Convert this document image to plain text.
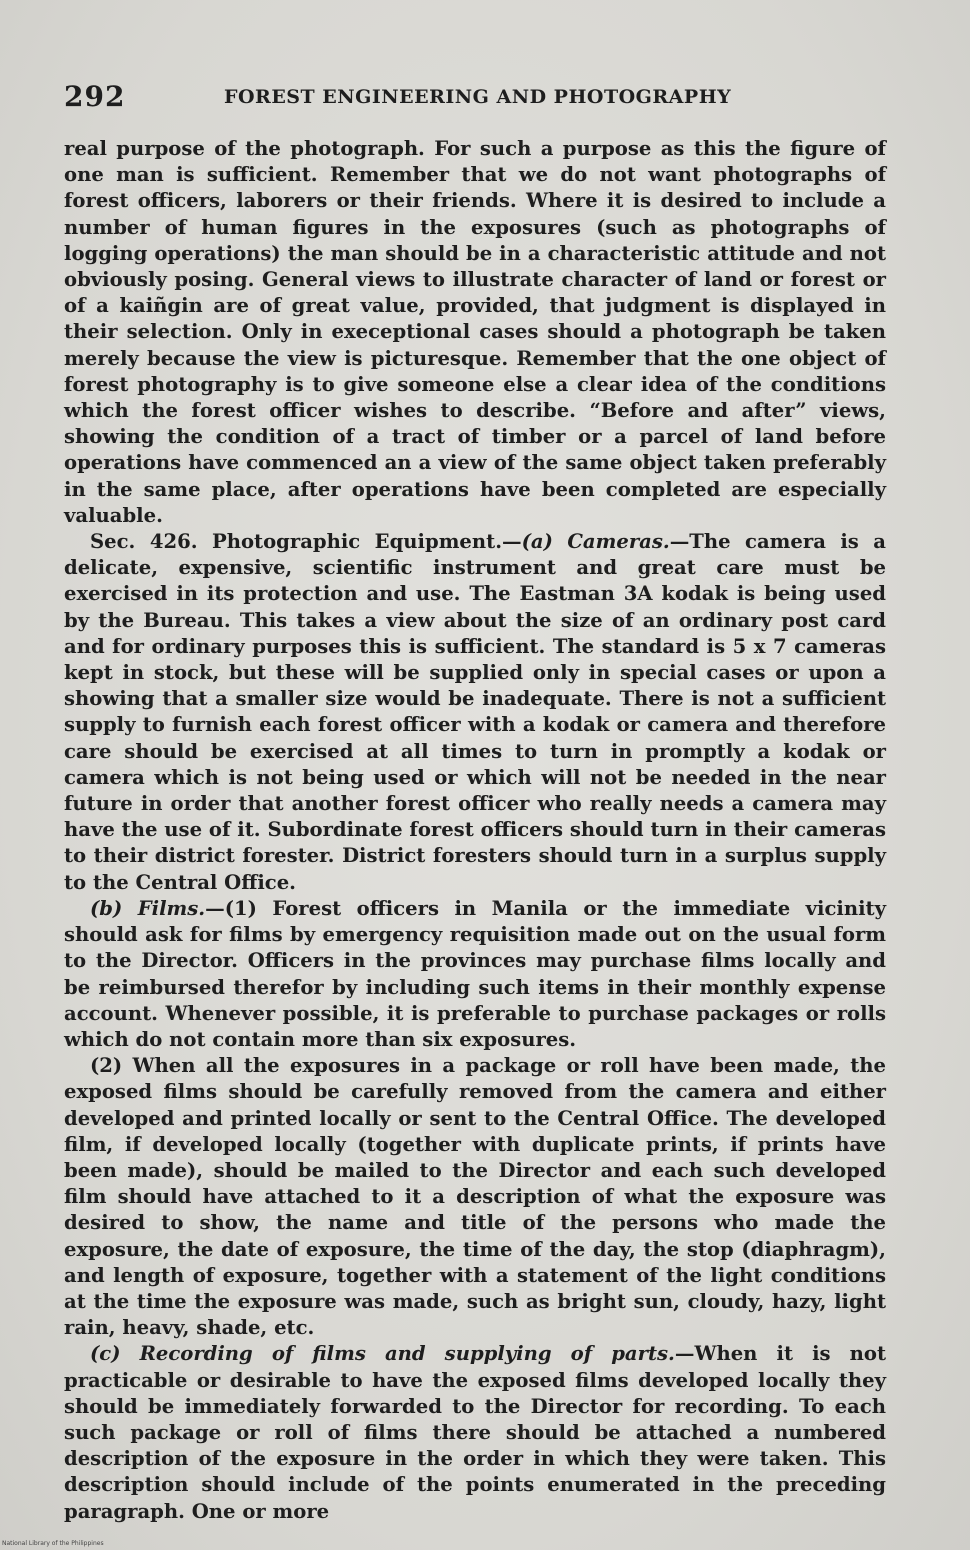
292	FOREST ENGINEERING AND PHOTOGRAPHY

real purpose of the photograph. For such a purpose as this the figure of one man is sufficient. Remember that we do not want photographs of forest officers, laborers or their friends. Where it is desired to include a number of human figures in the exposures (such as photographs of logging operations) the man should be in a characteristic attitude and not obviously posing. General views to illustrate character of land or forest or of a kaiñgin are of great value, provided, that judgment is displayed in their selection. Only in execeptional cases should a photograph be taken merely because the view is picturesque. Remember that the one object of forest photography is to give someone else a clear idea of the conditions which the forest officer wishes to describe. “Before and after” views, showing the condition of a tract of timber or a parcel of land before operations have commenced an a view of the same object taken preferably in the same place, after operations have been completed are especially valuable.

Sec. 426. Photographic Equipment.—(a) Cameras.—The camera is a delicate, expensive, scientific instrument and great care must be exercised in its protection and use. The Eastman 3A kodak is being used by the Bureau. This takes a view about the size of an ordinary post card and for ordinary purposes this is sufficient. The standard is 5 x 7 cameras kept in stock, but these will be supplied only in special cases or upon a showing that a smaller size would be inadequate. There is not a sufficient supply to furnish each forest officer with a kodak or camera and therefore care should be exercised at all times to turn in promptly a kodak or camera which is not being used or which will not be needed in the near future in order that another forest officer who really needs a camera may have the use of it. Subordinate forest officers should turn in their cameras to their district forester. District foresters should turn in a surplus supply to the Central Office.

(b) Films.—(1) Forest officers in Manila or the immediate vicinity should ask for films by emergency requisition made out on the usual form to the Director. Officers in the provinces may purchase films locally and be reimbursed therefor by including such items in their monthly expense account. Whenever possible, it is preferable to purchase packages or rolls which do not contain more than six exposures.

(2) When all the exposures in a package or roll have been made, the exposed films should be carefully removed from the camera and either developed and printed locally or sent to the Central Office. The developed film, if developed locally (together with duplicate prints, if prints have been made), should be mailed to the Director and each such developed film should have attached to it a description of what the exposure was desired to show, the name and title of the persons who made the exposure, the date of exposure, the time of the day, the stop (diaphragm), and length of exposure, together with a statement of the light conditions at the time the exposure was made, such as bright sun, cloudy, hazy, light rain, heavy, shade, etc.

(c) Recording of films and supplying of parts.—When it is not practicable or desirable to have the exposed films developed locally they should be immediately forwarded to the Director for recording. To each such package or roll of films there should be attached a numbered description of the exposure in the order in which they were taken. This description should include of the points enumerated in the preceding paragraph. One or more

National Library of the Philippines
